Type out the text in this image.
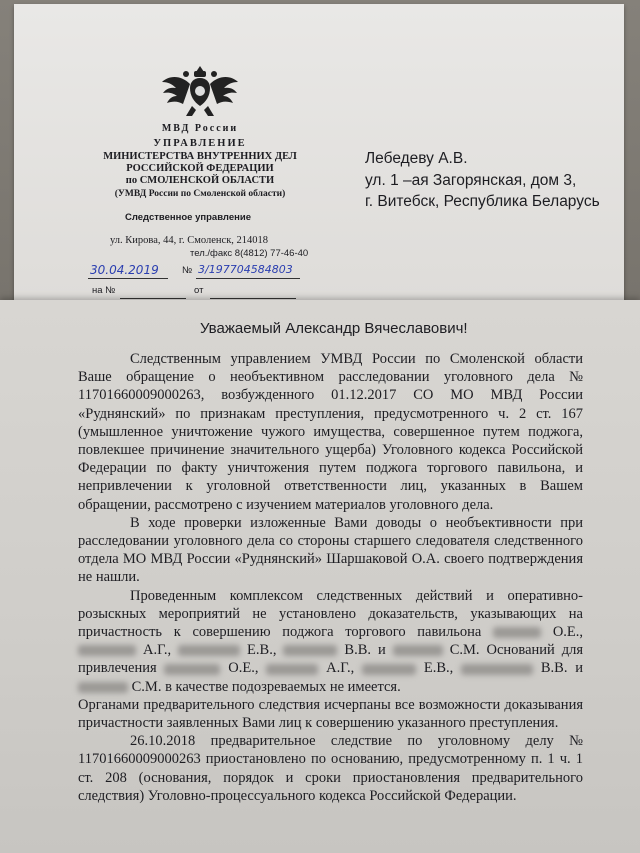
МВД России
УПРАВЛЕНИЕ
МИНИСТЕРСТВА ВНУТРЕННИХ ДЕЛ
РОССИЙСКОЙ ФЕДЕРАЦИИ
по СМОЛЕНСКОЙ ОБЛАСТИ
(УМВД России по Смоленской области)
Следственное управление
ул. Кирова, 44, г. Смоленск, 214018
тел./факс 8(4812) 77-46-40
30.04.2019 № 3/197704584803
на №	от
Лебедеву А.В.
ул. 1 –ая Загорянская, дом 3,
г. Витебск, Республика Беларусь
Уважаемый Александр Вячеславович!

Следственным управлением УМВД России по Смоленской области Ваше обращение о необъективном расследовании уголовного дела № 11701660009000263, возбужденного 01.12.2017 СО МО МВД России «Руднянский» по признакам преступления, предусмотренного ч. 2 ст. 167 (умышленное уничтожение чужого имущества, совершенное путем поджога, повлекшее причинение значительного ущерба) Уголовного кодекса Российской Федерации по факту уничтожения путем поджога торгового павильона, и непривлечении к уголовной ответственности лиц, указанных в Вашем обращении, рассмотрено с изучением материалов уголовного дела.

В ходе проверки изложенные Вами доводы о необъективности при расследовании уголовного дела со стороны старшего следователя следственного отдела МО МВД России «Руднянский» Шаршаковой О.А. своего подтверждения не нашли.

Проведенным комплексом следственных действий и оперативно-розыскных мероприятий не установлено доказательств, указывающих на причастность к совершению поджога торгового павильона	О.Е.,  А.Г.,	Е.В.,	В.В. и	С.М. Оснований для привлечения	О.Е.,	А.Г.,	Е.В.,	В.В. и  С.М. в качестве подозреваемых не имеется.

Органами предварительного следствия исчерпаны все возможности доказывания причастности заявленных Вами лиц к совершению указанного преступления.

26.10.2018 предварительное следствие по уголовному делу № 11701660009000263 приостановлено по основанию, предусмотренному п. 1 ч. 1 ст. 208 (основания, порядок и сроки приостановления предварительного следствия) Уголовно-процессуального кодекса Российской Федерации.
